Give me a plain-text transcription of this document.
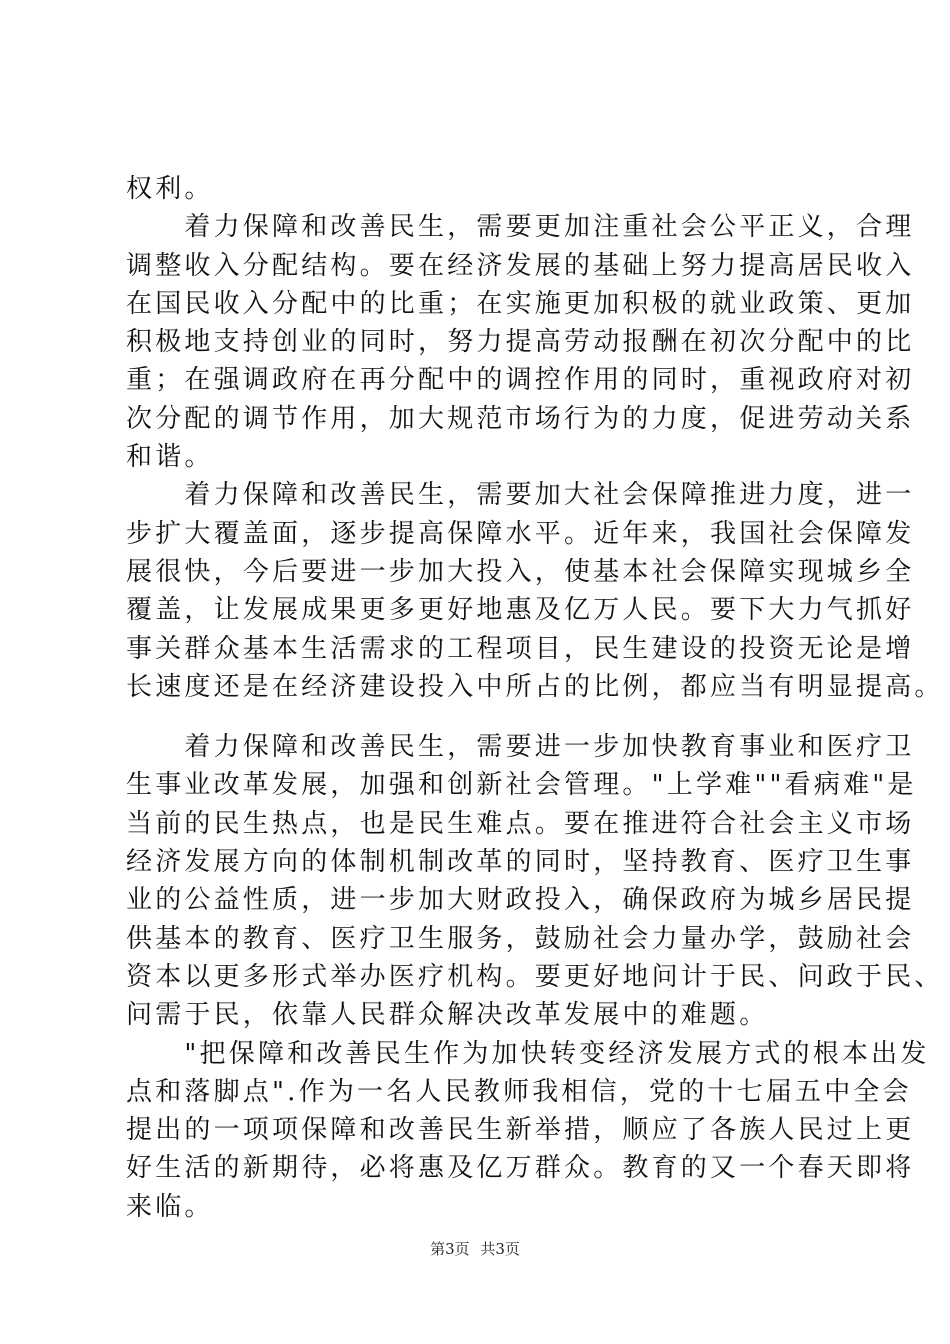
权利。
　　着力保障和改善民生，需要更加注重社会公平正义，合理
调整收入分配结构。要在经济发展的基础上努力提高居民收入
在国民收入分配中的比重；在实施更加积极的就业政策、更加
积极地支持创业的同时，努力提高劳动报酬在初次分配中的比
重；在强调政府在再分配中的调控作用的同时，重视政府对初
次分配的调节作用，加大规范市场行为的力度，促进劳动关系
和谐。
　　着力保障和改善民生，需要加大社会保障推进力度，进一
步扩大覆盖面，逐步提高保障水平。近年来，我国社会保障发
展很快，今后要进一步加大投入，使基本社会保障实现城乡全
覆盖，让发展成果更多更好地惠及亿万人民。要下大力气抓好
事关群众基本生活需求的工程项目，民生建设的投资无论是增
长速度还是在经济建设投入中所占的比例，都应当有明显提高。
　　着力保障和改善民生，需要进一步加快教育事业和医疗卫
生事业改革发展，加强和创新社会管理。"上学难""看病难"是
当前的民生热点，也是民生难点。要在推进符合社会主义市场
经济发展方向的体制机制改革的同时，坚持教育、医疗卫生事
业的公益性质，进一步加大财政投入，确保政府为城乡居民提
供基本的教育、医疗卫生服务，鼓励社会力量办学，鼓励社会
资本以更多形式举办医疗机构。要更好地问计于民、问政于民、
问需于民，依靠人民群众解决改革发展中的难题。
　　"把保障和改善民生作为加快转变经济发展方式的根本出发
点和落脚点".作为一名人民教师我相信，党的十七届五中全会
提出的一项项保障和改善民生新举措，顺应了各族人民过上更
好生活的新期待，必将惠及亿万群众。教育的又一个春天即将
来临。
第3页 共3页
